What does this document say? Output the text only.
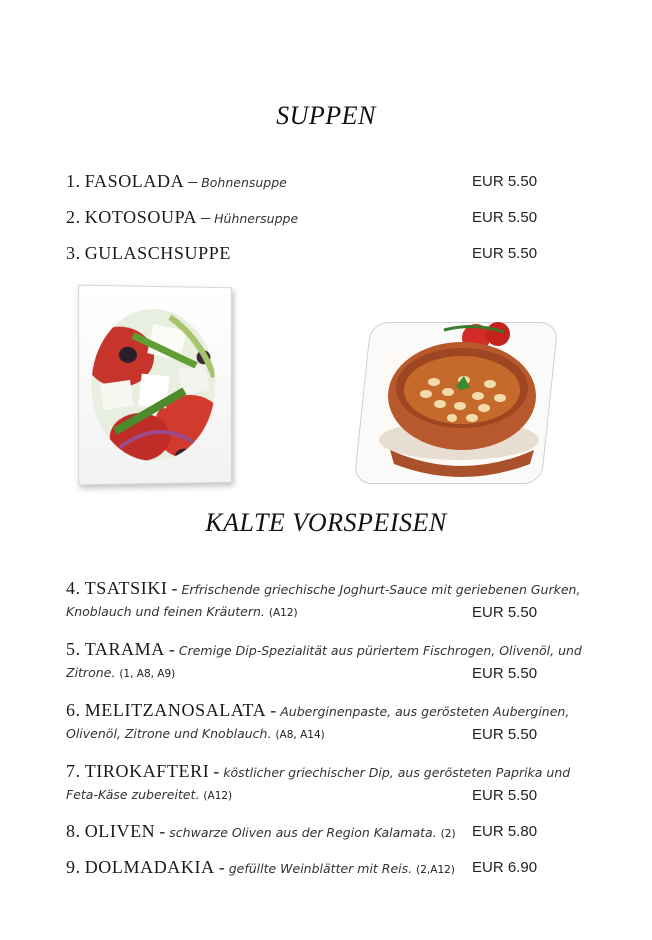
SUPPEN
1. FASOLADA – Bohnensuppe	EUR 5.50
2. KOTOSOUPA – Hühnersuppe	EUR 5.50
3. GULASCHSUPPE	EUR 5.50
KALTE VORSPEISEN
4. TSATSIKI - Erfrischende griechische Joghurt-Sauce mit geriebenen Gurken,
Knoblauch und feinen Kräutern. (A12)	EUR 5.50
5. TARAMA - Cremige Dip-Spezialität aus püriertem Fischrogen, Olivenöl, und
Zitrone. (1, A8, A9)	EUR 5.50
6. MELITZANOSALATA - Auberginenpaste, aus gerösteten Auberginen,
Olivenöl, Zitrone und Knoblauch. (A8, A14)	EUR 5.50
7. TIROKAFTERI - köstlicher griechischer Dip, aus gerösteten Paprika und
Feta-Käse zubereitet. (A12)	EUR 5.50
8. OLIVEN - schwarze Oliven aus der Region Kalamata. (2) EUR 5.80
9. DOLMADAKIA - gefüllte Weinblätter mit Reis. (2,A12) EUR 6.90
